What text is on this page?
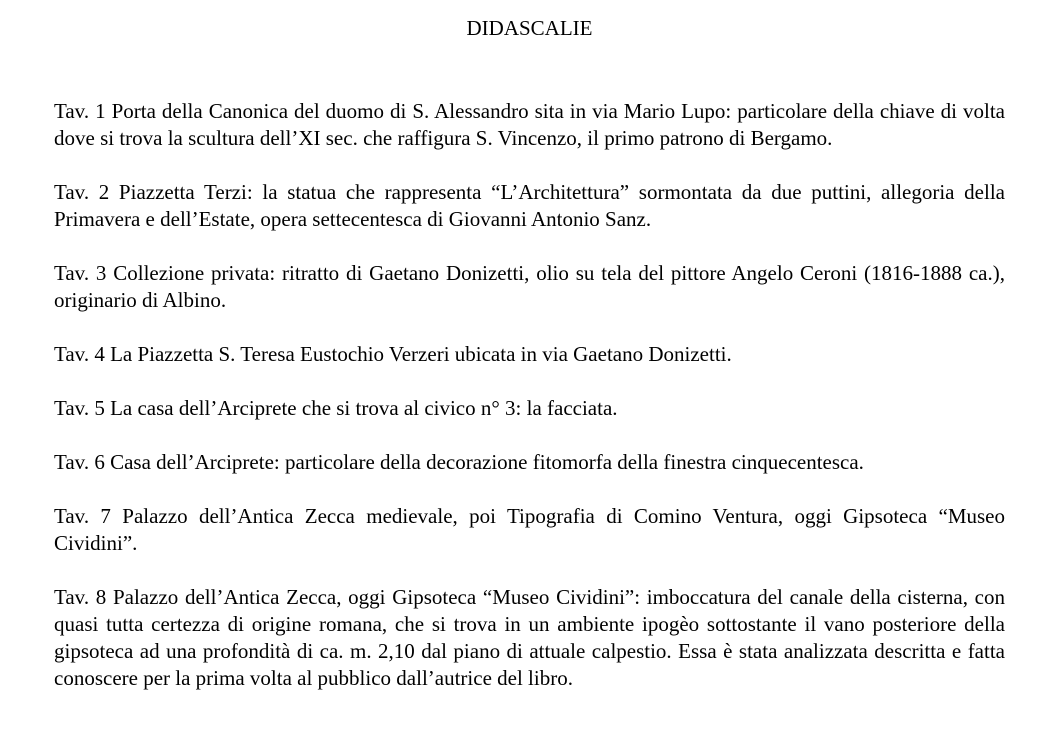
DIDASCALIE

Tav. 1 Porta della Canonica del duomo di S. Alessandro sita in via Mario Lupo: particolare della chiave di volta dove si trova la scultura dell’XI sec. che raffigura S. Vincenzo, il primo patrono di Bergamo.

Tav. 2 Piazzetta Terzi: la statua che rappresenta “L’Architettura” sormontata da due puttini, allegoria della Primavera e dell’Estate, opera settecentesca di Giovanni Antonio Sanz.

Tav. 3 Collezione privata: ritratto di Gaetano Donizetti, olio su tela del pittore Angelo Ceroni (1816-1888 ca.), originario di Albino.

Tav. 4 La Piazzetta S. Teresa Eustochio Verzeri ubicata in via Gaetano Donizetti.

Tav. 5 La casa dell’Arciprete che si trova al civico n° 3: la facciata.

Tav. 6 Casa dell’Arciprete: particolare della decorazione fitomorfa della finestra cinquecentesca.

Tav. 7 Palazzo dell’Antica Zecca medievale, poi Tipografia di Comino Ventura, oggi Gipsoteca “Museo Cividini”.

Tav. 8 Palazzo dell’Antica Zecca, oggi Gipsoteca “Museo Cividini”: imboccatura del canale della cisterna, con quasi tutta certezza di origine romana, che si trova in un ambiente ipogèo sottostante il vano posteriore della gipsoteca ad una profondità di ca. m. 2,10 dal piano di attuale calpestio. Essa è stata analizzata descritta e fatta conoscere per la prima volta al pubblico dall’autrice del libro.
